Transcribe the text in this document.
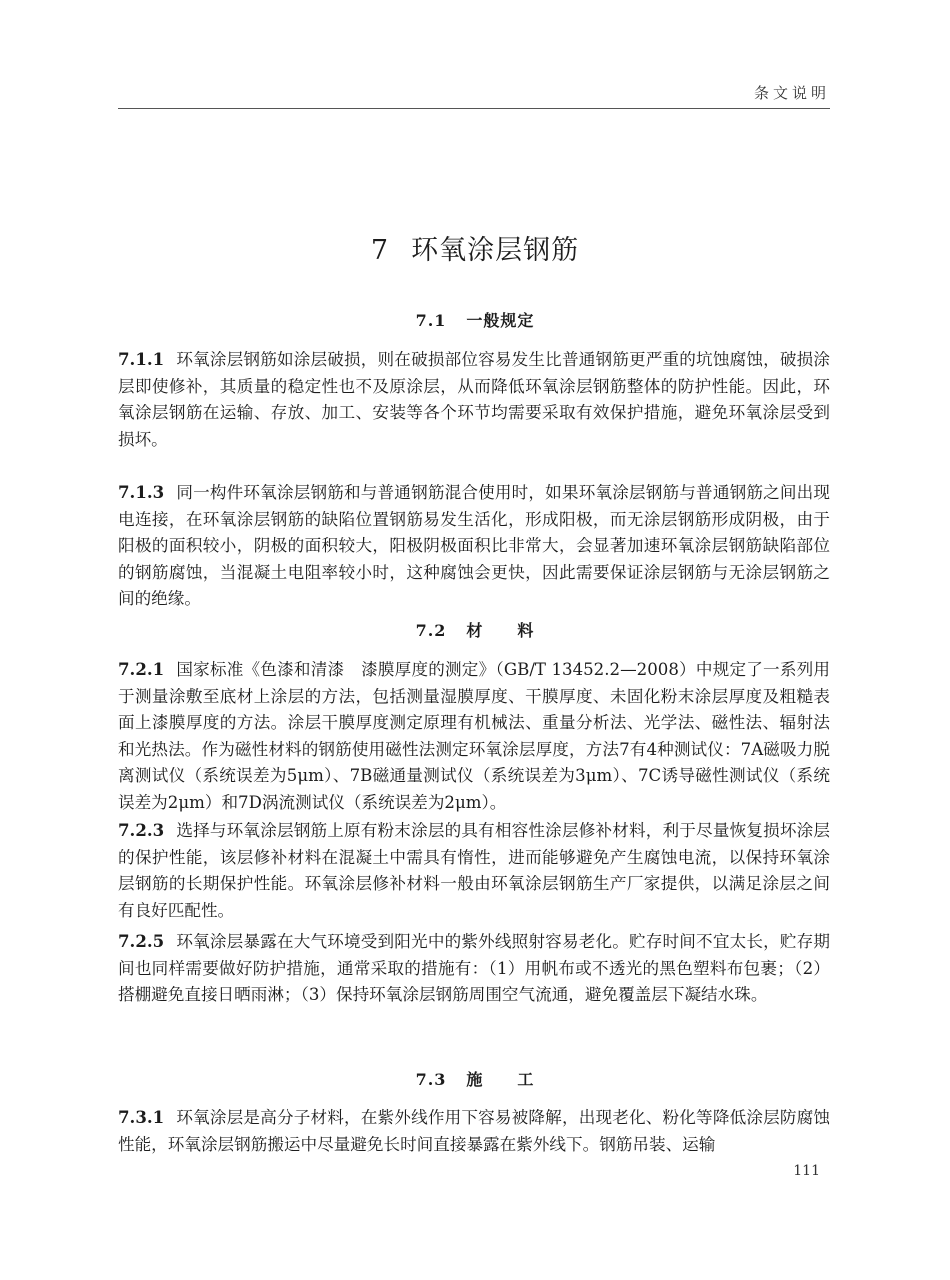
条文说明
7 环氧涂层钢筋
7.1 一般规定
7.1.1 环氧涂层钢筋如涂层破损，则在破损部位容易发生比普通钢筋更严重的坑蚀腐蚀，破损涂层即使修补，其质量的稳定性也不及原涂层，从而降低环氧涂层钢筋整体的防护性能。因此，环氧涂层钢筋在运输、存放、加工、安装等各个环节均需要采取有效保护措施，避免环氧涂层受到损坏。
7.1.3 同一构件环氧涂层钢筋和与普通钢筋混合使用时，如果环氧涂层钢筋与普通钢筋之间出现电连接，在环氧涂层钢筋的缺陷位置钢筋易发生活化，形成阳极，而无涂层钢筋形成阴极，由于阳极的面积较小，阴极的面积较大，阳极阴极面积比非常大，会显著加速环氧涂层钢筋缺陷部位的钢筋腐蚀，当混凝土电阻率较小时，这种腐蚀会更快，因此需要保证涂层钢筋与无涂层钢筋之间的绝缘。
7.2 材　　料
7.2.1 国家标准《色漆和清漆　漆膜厚度的测定》（GB/T 13452.2—2008）中规定了一系列用于测量涂敷至底材上涂层的方法，包括测量湿膜厚度、干膜厚度、未固化粉末涂层厚度及粗糙表面上漆膜厚度的方法。涂层干膜厚度测定原理有机械法、重量分析法、光学法、磁性法、辐射法和光热法。作为磁性材料的钢筋使用磁性法测定环氧涂层厚度，方法7有4种测试仪：7A磁吸力脱离测试仪（系统误差为5μm）、7B磁通量测试仪（系统误差为3μm）、7C诱导磁性测试仪（系统误差为2μm）和7D涡流测试仪（系统误差为2μm）。
7.2.3 选择与环氧涂层钢筋上原有粉末涂层的具有相容性涂层修补材料，利于尽量恢复损坏涂层的保护性能，该层修补材料在混凝土中需具有惰性，进而能够避免产生腐蚀电流，以保持环氧涂层钢筋的长期保护性能。环氧涂层修补材料一般由环氧涂层钢筋生产厂家提供，以满足涂层之间有良好匹配性。
7.2.5 环氧涂层暴露在大气环境受到阳光中的紫外线照射容易老化。贮存时间不宜太长，贮存期间也同样需要做好防护措施，通常采取的措施有：（1）用帆布或不透光的黑色塑料布包裹；（2）搭棚避免直接日晒雨淋；（3）保持环氧涂层钢筋周围空气流通，避免覆盖层下凝结水珠。
7.3 施　　工
7.3.1 环氧涂层是高分子材料，在紫外线作用下容易被降解，出现老化、粉化等降低涂层防腐蚀性能，环氧涂层钢筋搬运中尽量避免长时间直接暴露在紫外线下。钢筋吊装、运输
111
